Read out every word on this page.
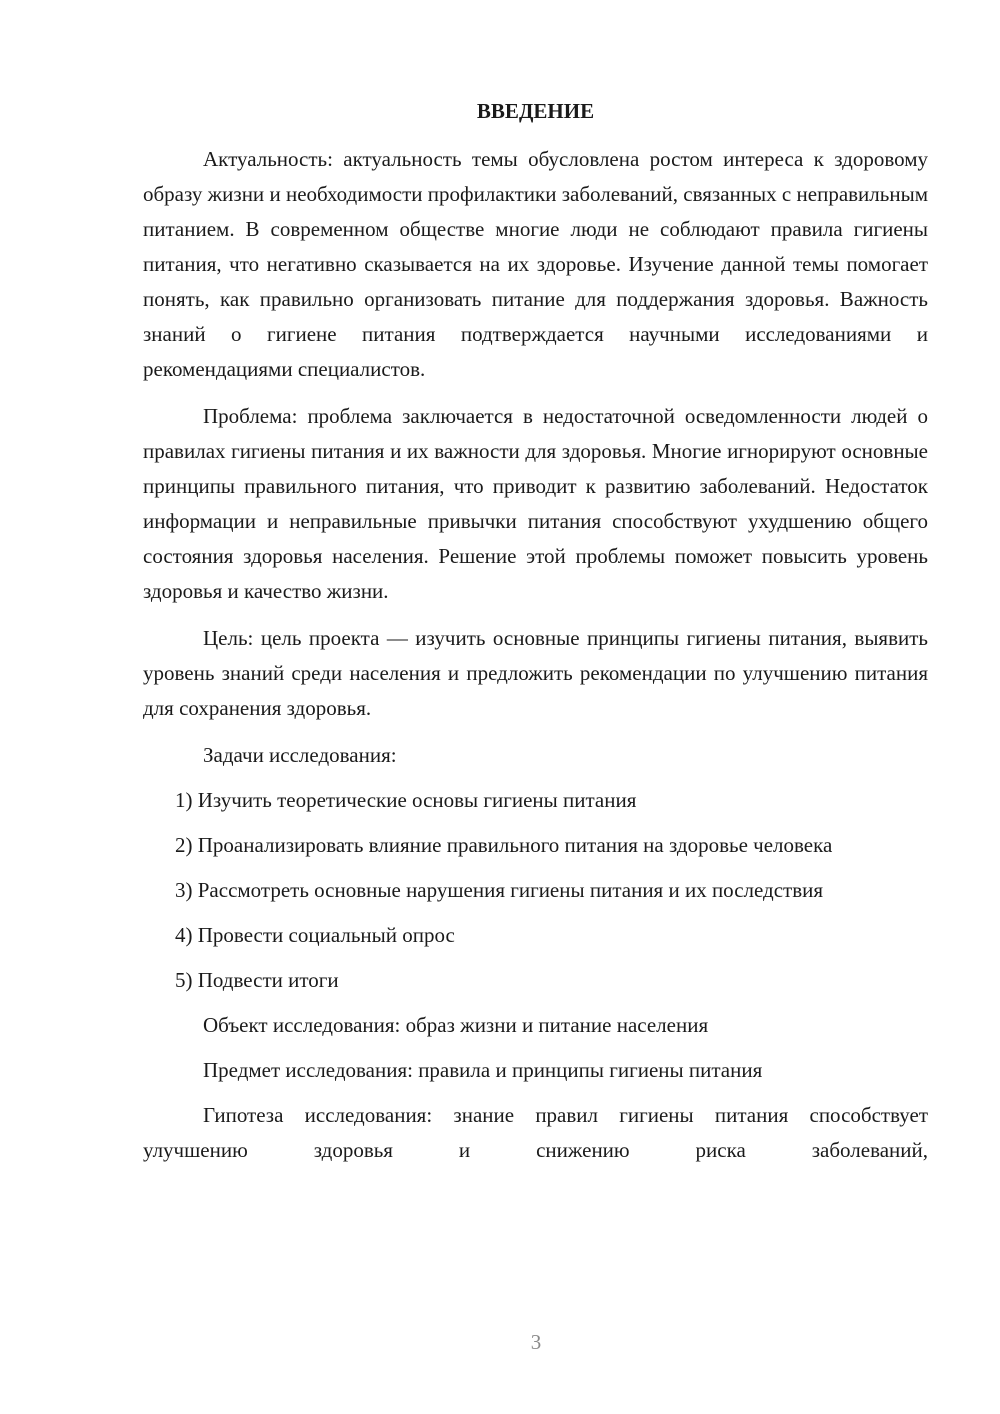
ВВЕДЕНИЕ

Актуальность: актуальность темы обусловлена ростом интереса к здоровому образу жизни и необходимости профилактики заболеваний, связанных с неправильным питанием. В современном обществе многие люди не соблюдают правила гигиены питания, что негативно сказывается на их здоровье. Изучение данной темы помогает понять, как правильно организовать питание для поддержания здоровья. Важность знаний о гигиене питания подтверждается научными исследованиями и рекомендациями специалистов.

Проблема: проблема заключается в недостаточной осведомленности людей о правилах гигиены питания и их важности для здоровья. Многие игнорируют основные принципы правильного питания, что приводит к развитию заболеваний. Недостаток информации и неправильные привычки питания способствуют ухудшению общего состояния здоровья населения. Решение этой проблемы поможет повысить уровень здоровья и качество жизни.

Цель: цель проекта — изучить основные принципы гигиены питания, выявить уровень знаний среди населения и предложить рекомендации по улучшению питания для сохранения здоровья.

Задачи исследования:

1) Изучить теоретические основы гигиены питания

2) Проанализировать влияние правильного питания на здоровье человека

3) Рассмотреть основные нарушения гигиены питания и их последствия

4) Провести социальный опрос

5) Подвести итоги

Объект исследования: образ жизни и питание населения

Предмет исследования: правила и принципы гигиены питания

Гипотеза исследования: знание правил гигиены питания способствует улучшению здоровья и снижению риска заболеваний,

3
